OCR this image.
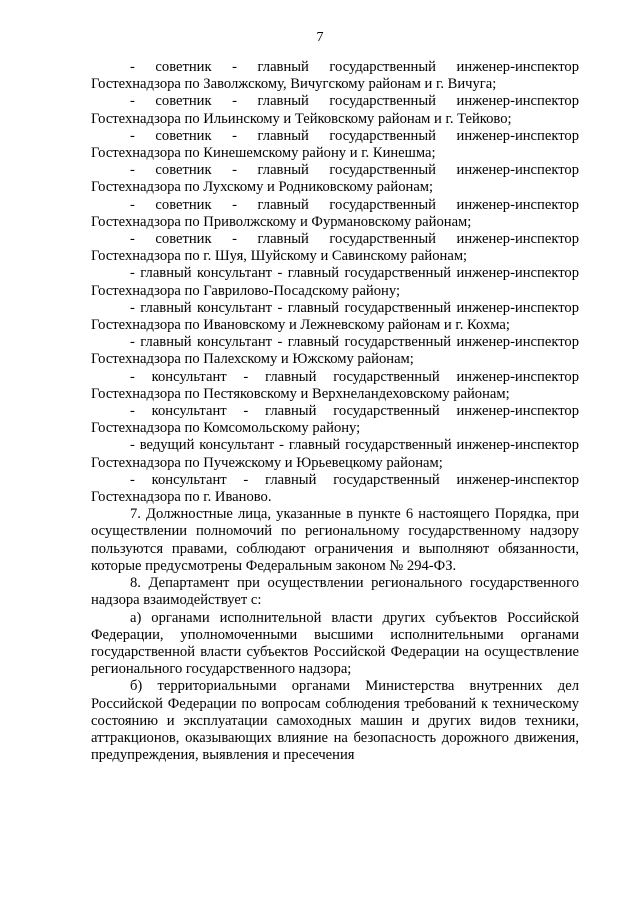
7

- советник - главный государственный инженер-инспектор Гостехнадзора по Заволжскому, Вичугскому районам и г. Вичуга;

- советник - главный государственный инженер-инспектор Гостехнадзора по Ильинскому и Тейковскому районам и г. Тейково;

- советник - главный государственный инженер-инспектор Гостехнадзора по Кинешемскому району и г. Кинешма;

- советник - главный государственный инженер-инспектор Гостехнадзора по Лухскому и Родниковскому районам;

- советник - главный государственный инженер-инспектор Гостехнадзора по Приволжскому и Фурмановскому районам;

- советник - главный государственный инженер-инспектор Гостехнадзора по г. Шуя, Шуйскому и Савинскому районам;

- главный консультант - главный государственный инженер-инспектор Гостехнадзора по Гаврилово-Посадскому району;

- главный консультант - главный государственный инженер-инспектор Гостехнадзора по Ивановскому и Лежневскому районам и г. Кохма;

- главный консультант - главный государственный инженер-инспектор Гостехнадзора по Палехскому и Южскому районам;

- консультант - главный государственный инженер-инспектор Гостехнадзора по Пестяковскому и Верхнеландеховскому районам;

- консультант - главный государственный инженер-инспектор Гостехнадзора по Комсомольскому району;

- ведущий консультант - главный государственный инженер-инспектор Гостехнадзора по Пучежскому и Юрьевецкому районам;

- консультант - главный государственный инженер-инспектор Гостехнадзора по г. Иваново.

7. Должностные лица, указанные в пункте 6 настоящего Порядка, при осуществлении полномочий по региональному государственному надзору пользуются правами, соблюдают ограничения и выполняют обязанности, которые предусмотрены Федеральным законом № 294-ФЗ.

8. Департамент при осуществлении регионального государственного надзора взаимодействует с:

а) органами исполнительной власти других субъектов Российской Федерации, уполномоченными высшими исполнительными органами государственной власти субъектов Российской Федерации на осуществление регионального государственного надзора;

б) территориальными органами Министерства внутренних дел Российской Федерации по вопросам соблюдения требований к техническому состоянию и эксплуатации самоходных машин и других видов техники, аттракционов, оказывающих влияние на безопасность дорожного движения, предупреждения, выявления и пресечения
